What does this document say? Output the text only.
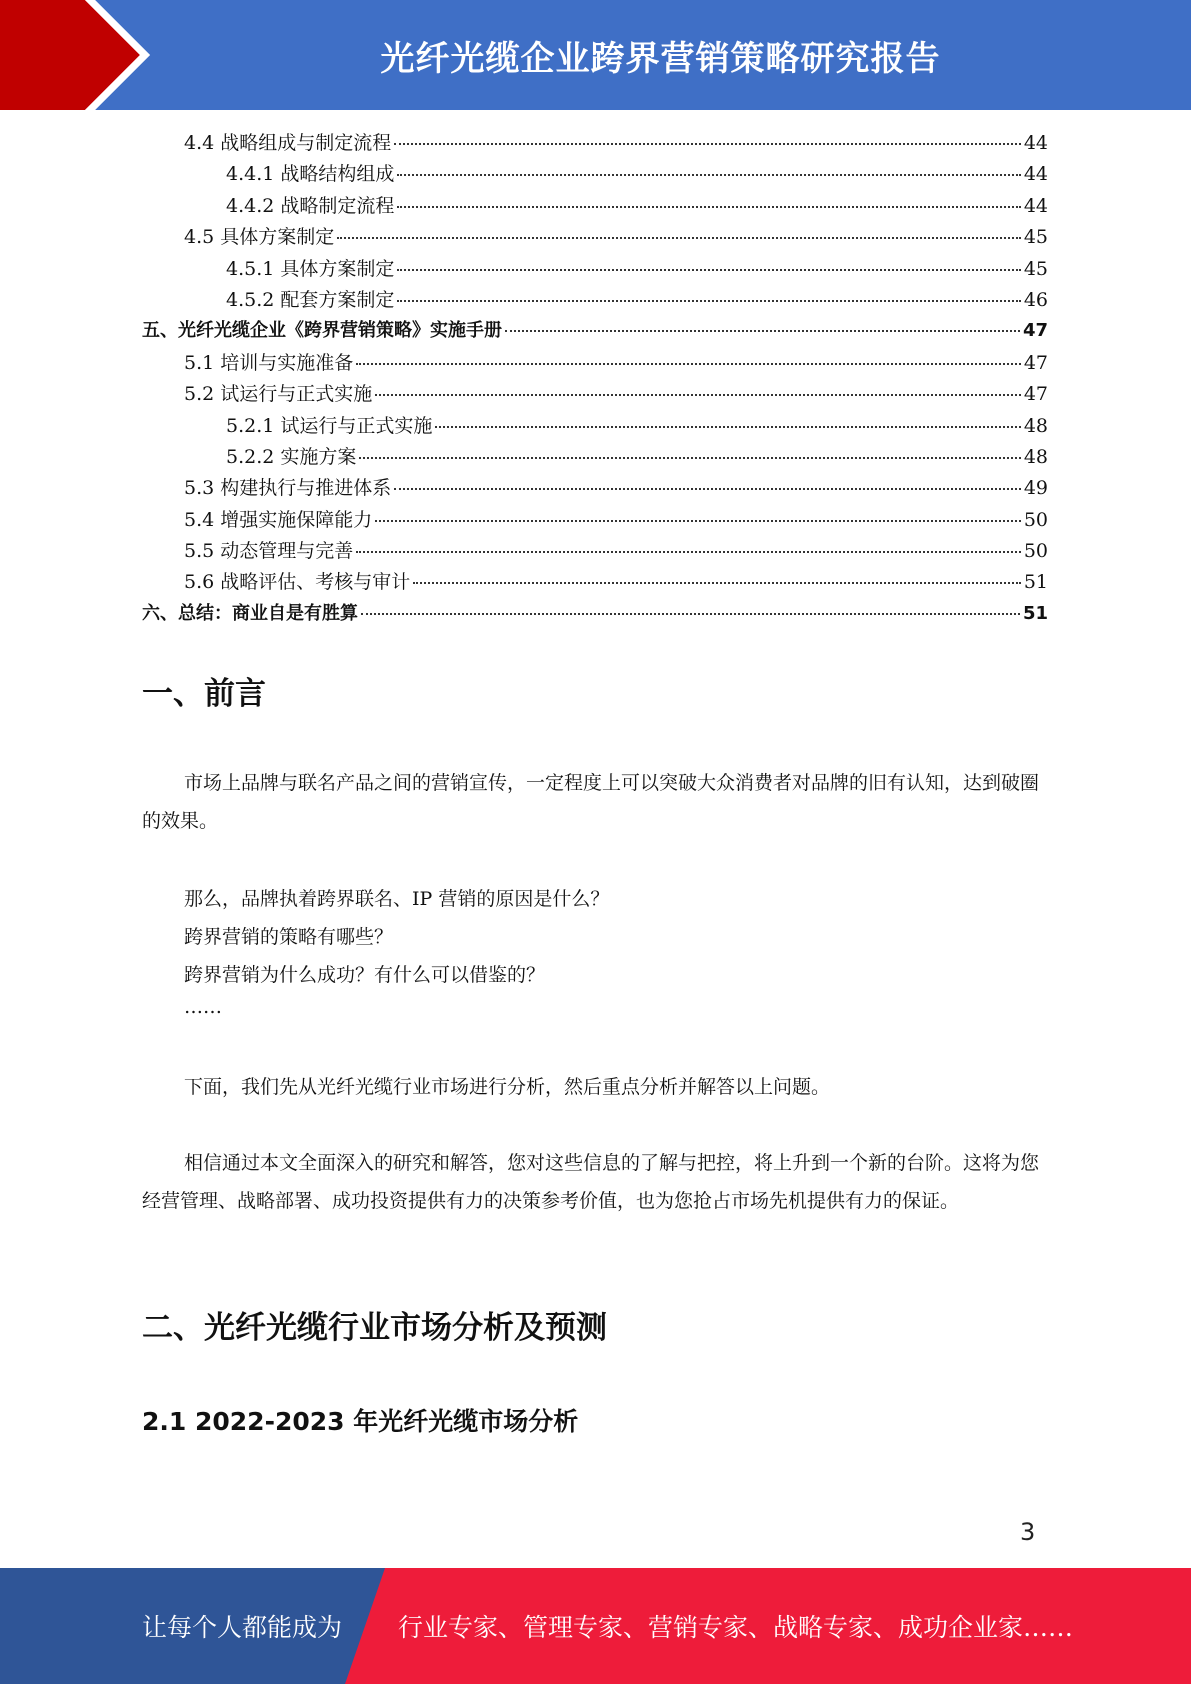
光纤光缆企业跨界营销策略研究报告
4.4 战略组成与制定流程	44
4.4.1 战略结构组成	44
4.4.2 战略制定流程	44
4.5 具体方案制定	45
4.5.1 具体方案制定	45
4.5.2 配套方案制定	46
五、光纤光缆企业《跨界营销策略》实施手册	47
5.1 培训与实施准备	47
5.2 试运行与正式实施	47
5.2.1 试运行与正式实施	48
5.2.2 实施方案	48
5.3 构建执行与推进体系	49
5.4 增强实施保障能力	50
5.5 动态管理与完善	50
5.6 战略评估、考核与审计	51
六、总结：商业自是有胜算	51
一、前言

市场上品牌与联名产品之间的营销宣传，一定程度上可以突破大众消费者对品牌的旧有认知，达到破圈的效果。

那么，品牌执着跨界联名、IP 营销的原因是什么？
跨界营销的策略有哪些？
跨界营销为什么成功？有什么可以借鉴的？
……

下面，我们先从光纤光缆行业市场进行分析，然后重点分析并解答以上问题。

相信通过本文全面深入的研究和解答，您对这些信息的了解与把控，将上升到一个新的台阶。这将为您经营管理、战略部署、成功投资提供有力的决策参考价值，也为您抢占市场先机提供有力的保证。

二、光纤光缆行业市场分析及预测
2.1 2022-2023 年光纤光缆市场分析
3
让每个人都能成为 行业专家、管理专家、营销专家、战略专家、成功企业家……
